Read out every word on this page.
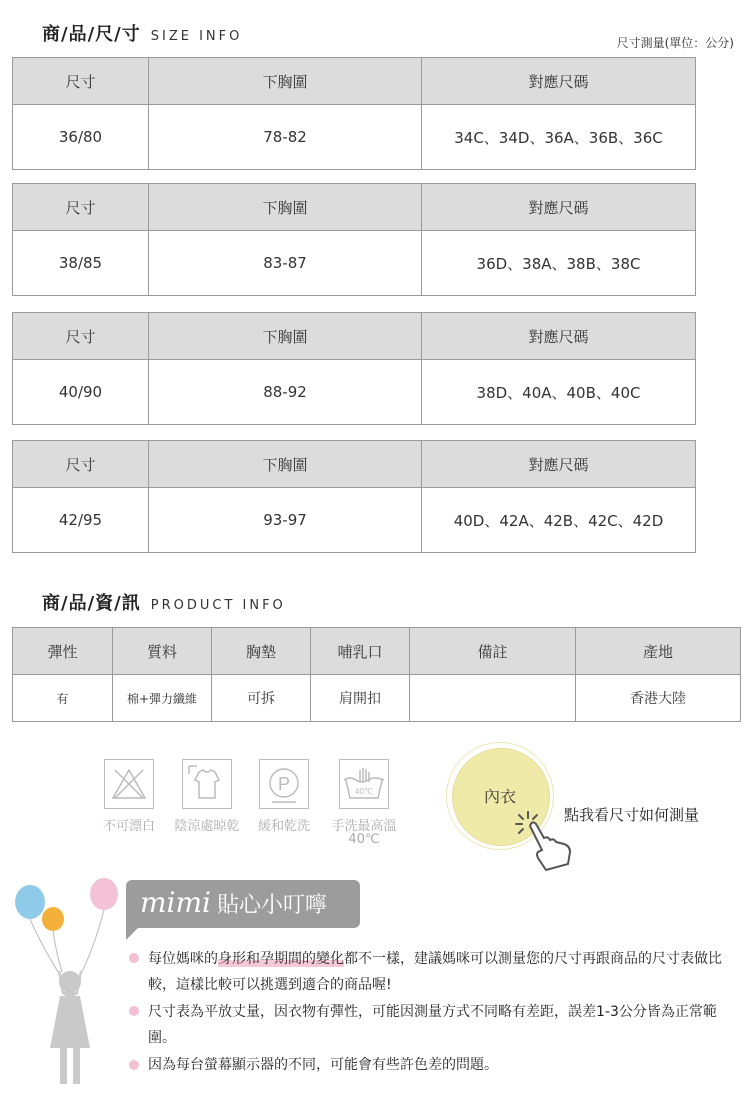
商/品/尺/寸 SIZE INFO	尺寸測量(單位：公分)
尺寸	下胸圍	對應尺碼
36/80	78-82	34C、34D、36A、36B、36C
尺寸	下胸圍	對應尺碼
38/85	83-87	36D、38A、38B、38C
尺寸	下胸圍	對應尺碼
40/90	88-92	38D、40A、40B、40C
尺寸	下胸圍	對應尺碼
42/95	93-97	40D、42A、42B、42C、42D
商/品/資/訊 PRODUCT INFO
彈性	質料	胸墊	哺乳口	備註	產地
有	棉+彈力纖維	可拆	肩開扣		香港大陸
不可漂白	陰涼處晾乾
P
緩和乾洗
40℃
手洗最高溫
40℃
內衣
點我看尺寸如何測量
mimi 貼心小叮嚀
每位媽咪的身形和孕期間的變化都不一樣，建議媽咪可以測量您的尺寸再跟商品的尺寸表做比較，這樣比較可以挑選到適合的商品喔!
尺寸表為平放丈量，因衣物有彈性，可能因測量方式不同略有差距，誤差1-3公分皆為正常範圍。
因為每台螢幕顯示器的不同，可能會有些許色差的問題。
